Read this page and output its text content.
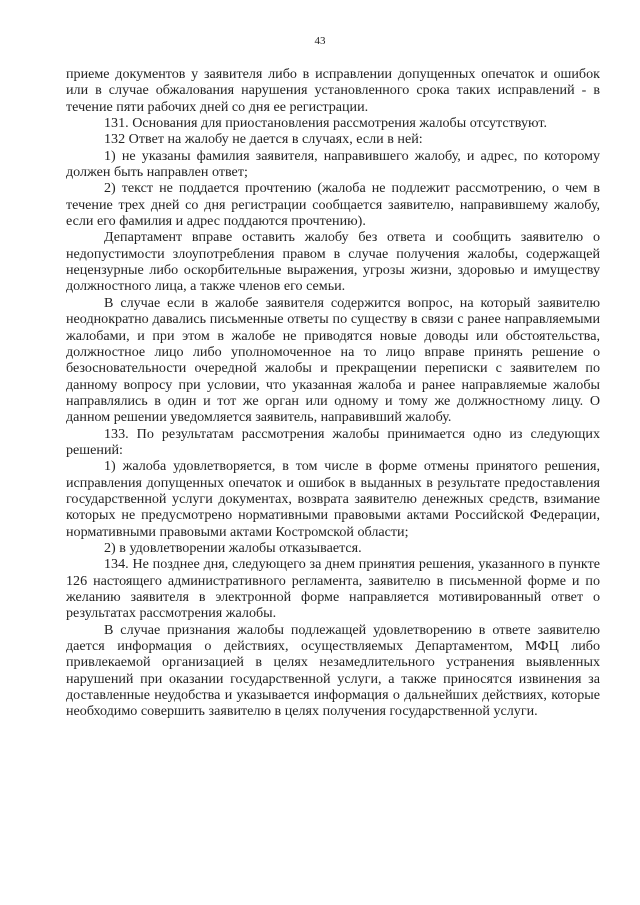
43

приеме документов у заявителя либо в исправлении допущенных опечаток и ошибок или в случае обжалования нарушения установленного срока таких исправлений - в течение пяти рабочих дней со дня ее регистрации.

131. Основания для приостановления рассмотрения жалобы отсутствуют.

132 Ответ на жалобу не дается в случаях, если в ней:

1) не указаны фамилия заявителя, направившего жалобу, и адрес, по которому должен быть направлен ответ;

2) текст не поддается прочтению (жалоба не подлежит рассмотрению, о чем в течение трех дней со дня регистрации сообщается заявителю, направившему жалобу, если его фамилия и адрес поддаются прочтению).

Департамент вправе оставить жалобу без ответа и сообщить заявителю о недопустимости злоупотребления правом в случае получения жалобы, содержащей нецензурные либо оскорбительные выражения, угрозы жизни, здоровью и имуществу должностного лица, а также членов его семьи.

В случае если в жалобе заявителя содержится вопрос, на который заявителю неоднократно давались письменные ответы по существу в связи с ранее направляемыми жалобами, и при этом в жалобе не приводятся новые доводы или обстоятельства, должностное лицо либо уполномоченное на то лицо вправе принять решение о безосновательности очередной жалобы и прекращении переписки с заявителем по данному вопросу при условии, что указанная жалоба и ранее направляемые жалобы направлялись в один и тот же орган или одному и тому же должностному лицу. О данном решении уведомляется заявитель, направивший жалобу.

133. По результатам рассмотрения жалобы принимается одно из следующих решений:

1) жалоба удовлетворяется, в том числе в форме отмены принятого решения, исправления допущенных опечаток и ошибок в выданных в результате предоставления государственной услуги документах, возврата заявителю денежных средств, взимание которых не предусмотрено нормативными правовыми актами Российской Федерации, нормативными правовыми актами Костромской области;

2) в удовлетворении жалобы отказывается.

134. Не позднее дня, следующего за днем принятия решения, указанного в пункте 126 настоящего административного регламента, заявителю в письменной форме и по желанию заявителя в электронной форме направляется мотивированный ответ о результатах рассмотрения жалобы.

В случае признания жалобы подлежащей удовлетворению в ответе заявителю дается информация о действиях, осуществляемых Департаментом, МФЦ либо привлекаемой организацией в целях незамедлительного устранения выявленных нарушений при оказании государственной услуги, а также приносятся извинения за доставленные неудобства и указывается информация о дальнейших действиях, которые необходимо совершить заявителю в целях получения государственной услуги.
